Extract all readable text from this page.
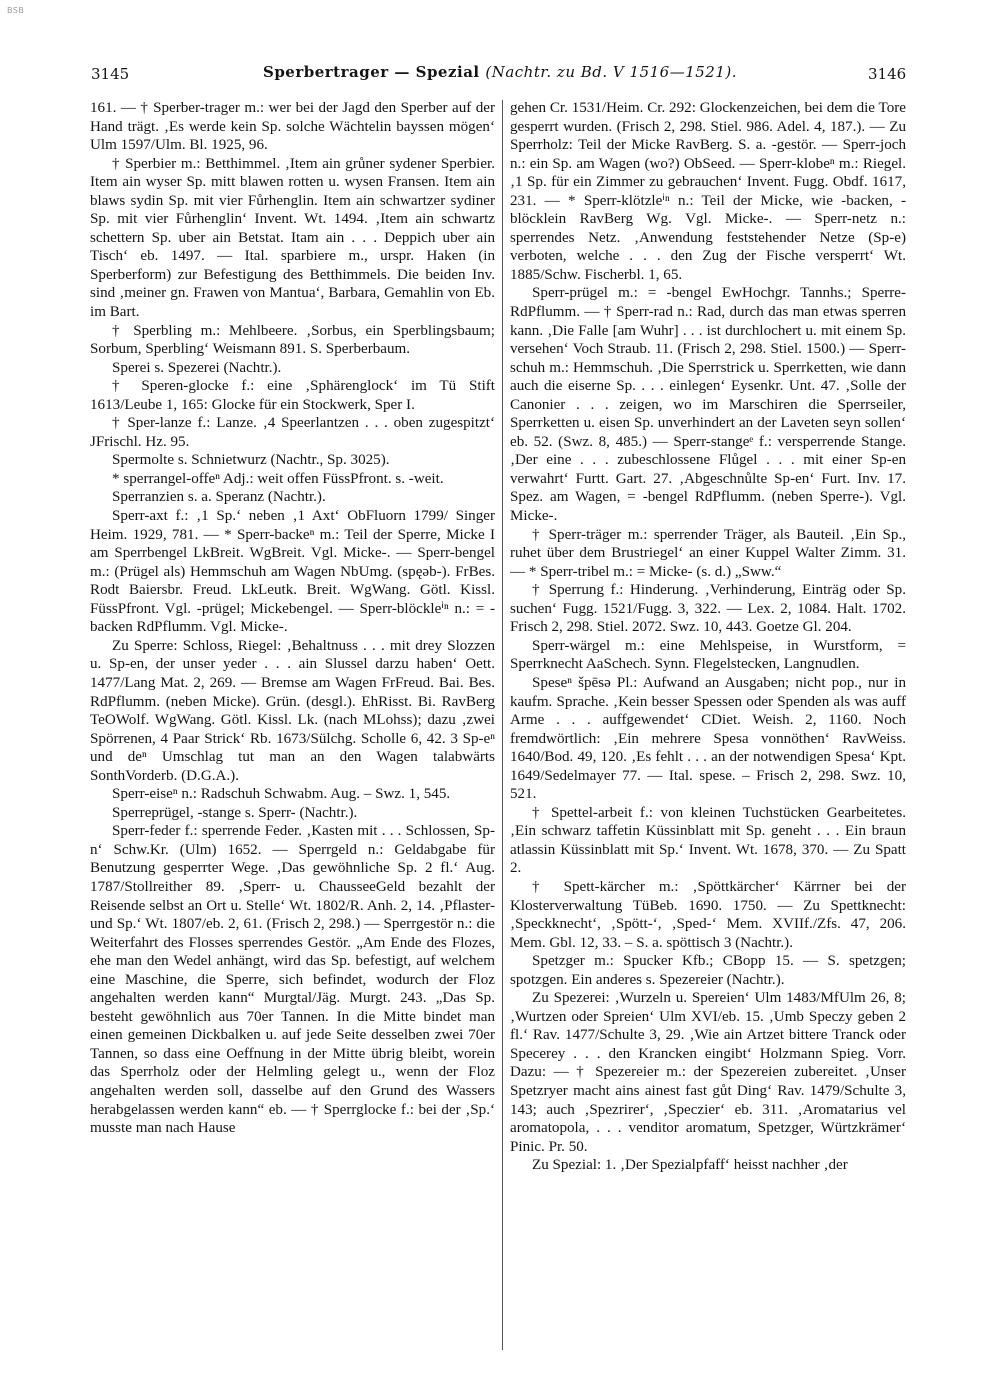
BSB
3145	Sperbertrager — Spezial (Nachtr. zu Bd. V 1516—1521).	3146

161. — † Sperber-trager m.: wer bei der Jagd den Sperber auf der Hand trägt. ‚Es werde kein Sp. solche Wächtelin bayssen mögen‘ Ulm 1597/Ulm. Bl. 1925, 96.

† Sperbier m.: Betthimmel. ‚Item ain grůner sydener Sperbier. Item ain wyser Sp. mitt blawen rotten u. wysen Fransen. Item ain blaws sydin Sp. mit vier Fůrhenglin. Item ain schwartzer sydiner Sp. mit vier Fůrhenglin‘ Invent. Wt. 1494. ‚Item ain schwartz schettern Sp. uber ain Betstat. Itam ain . . . Deppich uber ain Tisch‘ eb. 1497. — Ital. sparbiere m., urspr. Haken (in Sperberform) zur Befestigung des Betthimmels. Die beiden Inv. sind ‚meiner gn. Frawen von Mantua‘, Barbara, Gemahlin von Eb. im Bart.

† Sperbling m.: Mehlbeere. ‚Sorbus, ein Sperblingsbaum; Sorbum, Sperbling‘ Weismann 891. S. Sperberbaum.

Sperei s. Spezerei (Nachtr.).

† Speren-glocke f.: eine ‚Sphärenglock‘ im Tü Stift 1613/Leube 1, 165: Glocke für ein Stockwerk, Sper I.

† Sper-lanze f.: Lanze. ‚4 Speerlantzen . . . oben zugespitzt‘ JFrischl. Hz. 95.

Spermolte s. Schnietwurz (Nachtr., Sp. 3025).

* sperrangel-offeⁿ Adj.: weit offen FüssPfront. s. -weit.

Sperranzien s. a. Speranz (Nachtr.).

Sperr-axt f.: ‚1 Sp.‘ neben ‚1 Axt‘ ObFluorn 1799/ Singer Heim. 1929, 781. — * Sperr-backeⁿ m.: Teil der Sperre, Micke I am Sperrbengel LkBreit. WgBreit. Vgl. Micke-. — Sperr-bengel m.: (Prügel als) Hemmschuh am Wagen NbUmg. (spęəb-). FrBes. Rodt Baiersbr. Freud. LkLeutk. Breit. WgWang. Götl. Kissl. FüssPfront. Vgl. -prügel; Mickebengel. — Sperr-blöckleⁱⁿ n.: = -backen RdPflumm. Vgl. Micke-.

Zu Sperre: Schloss, Riegel: ‚Behaltnuss . . . mit drey Slozzen u. Sp-en, der unser yeder . . . ain Slussel darzu haben‘ Oett. 1477/Lang Mat. 2, 269. — Bremse am Wagen FrFreud. Bai. Bes. RdPflumm. (neben Micke). Grün. (desgl.). EhRisst. Bi. RavBerg TeOWolf. WgWang. Götl. Kissl. Lk. (nach MLohss); dazu ‚zwei Spörrenen, 4 Paar Strick‘ Rb. 1673/Sülchg. Scholle 6, 42. 3 Sp-eⁿ und deⁿ Umschlag tut man an den Wagen talabwärts SonthVorderb. (D.G.A.).

Sperr-eiseⁿ n.: Radschuh Schwabm. Aug. – Swz. 1, 545.

Sperreprügel, -stange s. Sperr- (Nachtr.).

Sperr-feder f.: sperrende Feder. ‚Kasten mit . . . Schlossen, Sp-n‘ Schw.Kr. (Ulm) 1652. — Sperrgeld n.: Geldabgabe für Benutzung gesperrter Wege. ‚Das gewöhnliche Sp. 2 fl.‘ Aug. 1787/Stollreither 89. ‚Sperr- u. ChausseeGeld bezahlt der Reisende selbst an Ort u. Stelle‘ Wt. 1802/R. Anh. 2, 14. ‚Pflaster- und Sp.‘ Wt. 1807/eb. 2, 61. (Frisch 2, 298.) — Sperrgestör n.: die Weiterfahrt des Flosses sperrendes Gestör. „Am Ende des Flozes, ehe man den Wedel anhängt, wird das Sp. befestigt, auf welchem eine Maschine, die Sperre, sich befindet, wodurch der Floz angehalten werden kann“ Murgtal/Jäg. Murgt. 243. „Das Sp. besteht gewöhnlich aus 70er Tannen. In die Mitte bindet man einen gemeinen Dickbalken u. auf jede Seite desselben zwei 70er Tannen, so dass eine Oeffnung in der Mitte übrig bleibt, worein das Sperrholz oder der Helmling gelegt u., wenn der Floz angehalten werden soll, dasselbe auf den Grund des Wassers herabgelassen werden kann“ eb. — † Sperrglocke f.: bei der ‚Sp.‘ musste man nach Hause

gehen Cr. 1531/Heim. Cr. 292: Glockenzeichen, bei dem die Tore gesperrt wurden. (Frisch 2, 298. Stiel. 986. Adel. 4, 187.). — Zu Sperrholz: Teil der Micke RavBerg. S. a. -gestör. — Sperr-joch n.: ein Sp. am Wagen (wo?) ObSeed. — Sperr-klobeⁿ m.: Riegel. ‚1 Sp. für ein Zimmer zu gebrauchen‘ Invent. Fugg. Obdf. 1617, 231. — * Sperr-klötzleⁱⁿ n.: Teil der Micke, wie -backen, -blöcklein RavBerg Wg. Vgl. Micke-. — Sperr-netz n.: sperrendes Netz. ‚Anwendung feststehender Netze (Sp-e) verboten, welche . . . den Zug der Fische versperrt‘ Wt. 1885/Schw. Fischerbl. 1, 65.

Sperr-prügel m.: = -bengel EwHochgr. Tannhs.; Sperre- RdPflumm. — † Sperr-rad n.: Rad, durch das man etwas sperren kann. ‚Die Falle [am Wuhr] . . . ist durchlochert u. mit einem Sp. versehen‘ Voch Straub. 11. (Frisch 2, 298. Stiel. 1500.) — Sperr-schuh m.: Hemmschuh. ‚Die Sperrstrick u. Sperrketten, wie dann auch die eiserne Sp. . . . einlegen‘ Eysenkr. Unt. 47. ‚Solle der Canonier . . . zeigen, wo im Marschiren die Sperrseiler, Sperrketten u. eisen Sp. unverhindert an der Laveten seyn sollen‘ eb. 52. (Swz. 8, 485.) — Sperr-stangeᵉ f.: versperrende Stange. ‚Der eine . . . zubeschlossene Flůgel . . . mit einer Sp-en verwahrt‘ Furtt. Gart. 27. ‚Abgeschnůlte Sp-en‘ Furt. Inv. 17. Spez. am Wagen, = -bengel RdPflumm. (neben Sperre-). Vgl. Micke-.

† Sperr-träger m.: sperrender Träger, als Bauteil. ‚Ein Sp., ruhet über dem Brustriegel‘ an einer Kuppel Walter Zimm. 31. — * Sperr-tribel m.: = Micke- (s. d.) „Sww.“

† Sperrung f.: Hinderung. ‚Verhinderung, Einträg oder Sp. suchen‘ Fugg. 1521/Fugg. 3, 322. — Lex. 2, 1084. Halt. 1702. Frisch 2, 298. Stiel. 2072. Swz. 10, 443. Goetze Gl. 204.

Sperr-wärgel m.: eine Mehlspeise, in Wurstform, = Sperrknecht AaSchech. Synn. Flegelstecken, Langnudlen.

Speseⁿ špēsə Pl.: Aufwand an Ausgaben; nicht pop., nur in kaufm. Sprache. ‚Kein besser Spessen oder Spenden als was auff Arme . . . auffgewendet‘ CDiet. Weish. 2, 1160. Noch fremdwörtlich: ‚Ein mehrere Spesa vonnöthen‘ RavWeiss. 1640/Bod. 49, 120. ‚Es fehlt . . . an der notwendigen Spesa‘ Kpt. 1649/Sedelmayer 77. — Ital. spese. – Frisch 2, 298. Swz. 10, 521.

† Spettel-arbeit f.: von kleinen Tuchstücken Gearbeitetes. ‚Ein schwarz taffetin Küssinblatt mit Sp. geneht . . . Ein braun atlassin Küssinblatt mit Sp.‘ Invent. Wt. 1678, 370. — Zu Spatt 2.

† Spett-kärcher m.: ‚Spöttkärcher‘ Kärrner bei der Klosterverwaltung TüBeb. 1690. 1750. — Zu Spettknecht: ‚Speckknecht‘, ‚Spött-‘, ‚Sped-‘ Mem. XVIIf./Zfs. 47, 206. Mem. Gbl. 12, 33. – S. a. spöttisch 3 (Nachtr.).

Spetzger m.: Spucker Kfb.; CBopp 15. — S. spetzgen; spotzgen. Ein anderes s. Spezereier (Nachtr.).

Zu Spezerei: ‚Wurzeln u. Spereien‘ Ulm 1483/MfUlm 26, 8; ‚Wurtzen oder Spreien‘ Ulm XVI/eb. 15. ‚Umb Speczy geben 2 fl.‘ Rav. 1477/Schulte 3, 29. ‚Wie ain Artzet bittere Tranck oder Specerey . . . den Krancken eingibt‘ Holzmann Spieg. Vorr. Dazu: — † Spezereier m.: der Spezereien zubereitet. ‚Unser Spetzryer macht ains ainest fast gůt Ding‘ Rav. 1479/Schulte 3, 143; auch ‚Spezrirer‘, ‚Speczier‘ eb. 311. ‚Aromatarius vel aromatopola, . . . venditor aromatum, Spetzger, Würtzkrämer‘ Pinic. Pr. 50.

Zu Spezial: 1. ‚Der Spezialpfaff‘ heisst nachher ‚der
